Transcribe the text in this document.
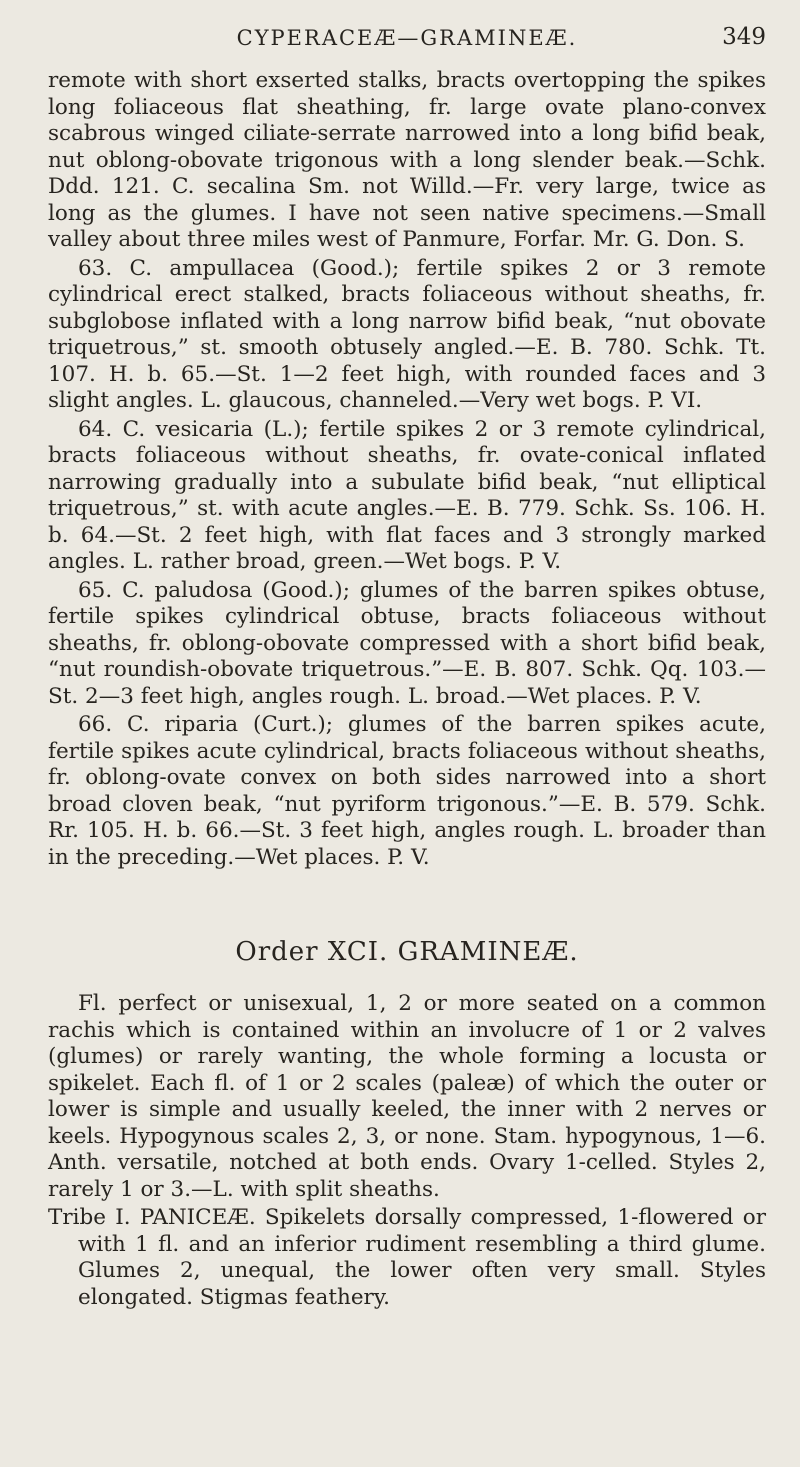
CYPERACEÆ—GRAMINEÆ.	349

remote with short exserted stalks, bracts overtopping the spikes long foliaceous flat sheathing, fr. large ovate plano-convex scabrous winged ciliate-serrate narrowed into a long bifid beak, nut oblong-obovate trigonous with a long slender beak.—Schk. Ddd. 121. C. secalina Sm. not Willd.—Fr. very large, twice as long as the glumes. I have not seen native specimens.—Small valley about three miles west of Panmure, Forfar. Mr. G. Don. S.

63. C. ampullacea (Good.); fertile spikes 2 or 3 remote cylindrical erect stalked, bracts foliaceous without sheaths, fr. subglobose inflated with a long narrow bifid beak, “nut obovate triquetrous,” st. smooth obtusely angled.—E. B. 780. Schk. Tt. 107. H. b. 65.—St. 1—2 feet high, with rounded faces and 3 slight angles. L. glaucous, channeled.—Very wet bogs. P. VI.

64. C. vesicaria (L.); fertile spikes 2 or 3 remote cylindrical, bracts foliaceous without sheaths, fr. ovate-conical inflated narrowing gradually into a subulate bifid beak, “nut elliptical triquetrous,” st. with acute angles.—E. B. 779. Schk. Ss. 106. H. b. 64.—St. 2 feet high, with flat faces and 3 strongly marked angles. L. rather broad, green.—Wet bogs. P. V.

65. C. paludosa (Good.); glumes of the barren spikes obtuse, fertile spikes cylindrical obtuse, bracts foliaceous without sheaths, fr. oblong-obovate compressed with a short bifid beak, “nut roundish-obovate triquetrous.”—E. B. 807. Schk. Qq. 103.—St. 2—3 feet high, angles rough. L. broad.—Wet places. P. V.

66. C. riparia (Curt.); glumes of the barren spikes acute, fertile spikes acute cylindrical, bracts foliaceous without sheaths, fr. oblong-ovate convex on both sides narrowed into a short broad cloven beak, “nut pyriform trigonous.”—E. B. 579. Schk. Rr. 105. H. b. 66.—St. 3 feet high, angles rough. L. broader than in the preceding.—Wet places. P. V.

Order XCI. GRAMINEÆ.

Fl. perfect or unisexual, 1, 2 or more seated on a common rachis which is contained within an involucre of 1 or 2 valves (glumes) or rarely wanting, the whole forming a locusta or spikelet. Each fl. of 1 or 2 scales (paleæ) of which the outer or lower is simple and usually keeled, the inner with 2 nerves or keels. Hypogynous scales 2, 3, or none. Stam. hypogynous, 1—6. Anth. versatile, notched at both ends. Ovary 1-celled. Styles 2, rarely 1 or 3.—L. with split sheaths.

Tribe I. PANICEÆ. Spikelets dorsally compressed, 1-flowered or with 1 fl. and an inferior rudiment resembling a third glume. Glumes 2, unequal, the lower often very small. Styles elongated. Stigmas feathery.
